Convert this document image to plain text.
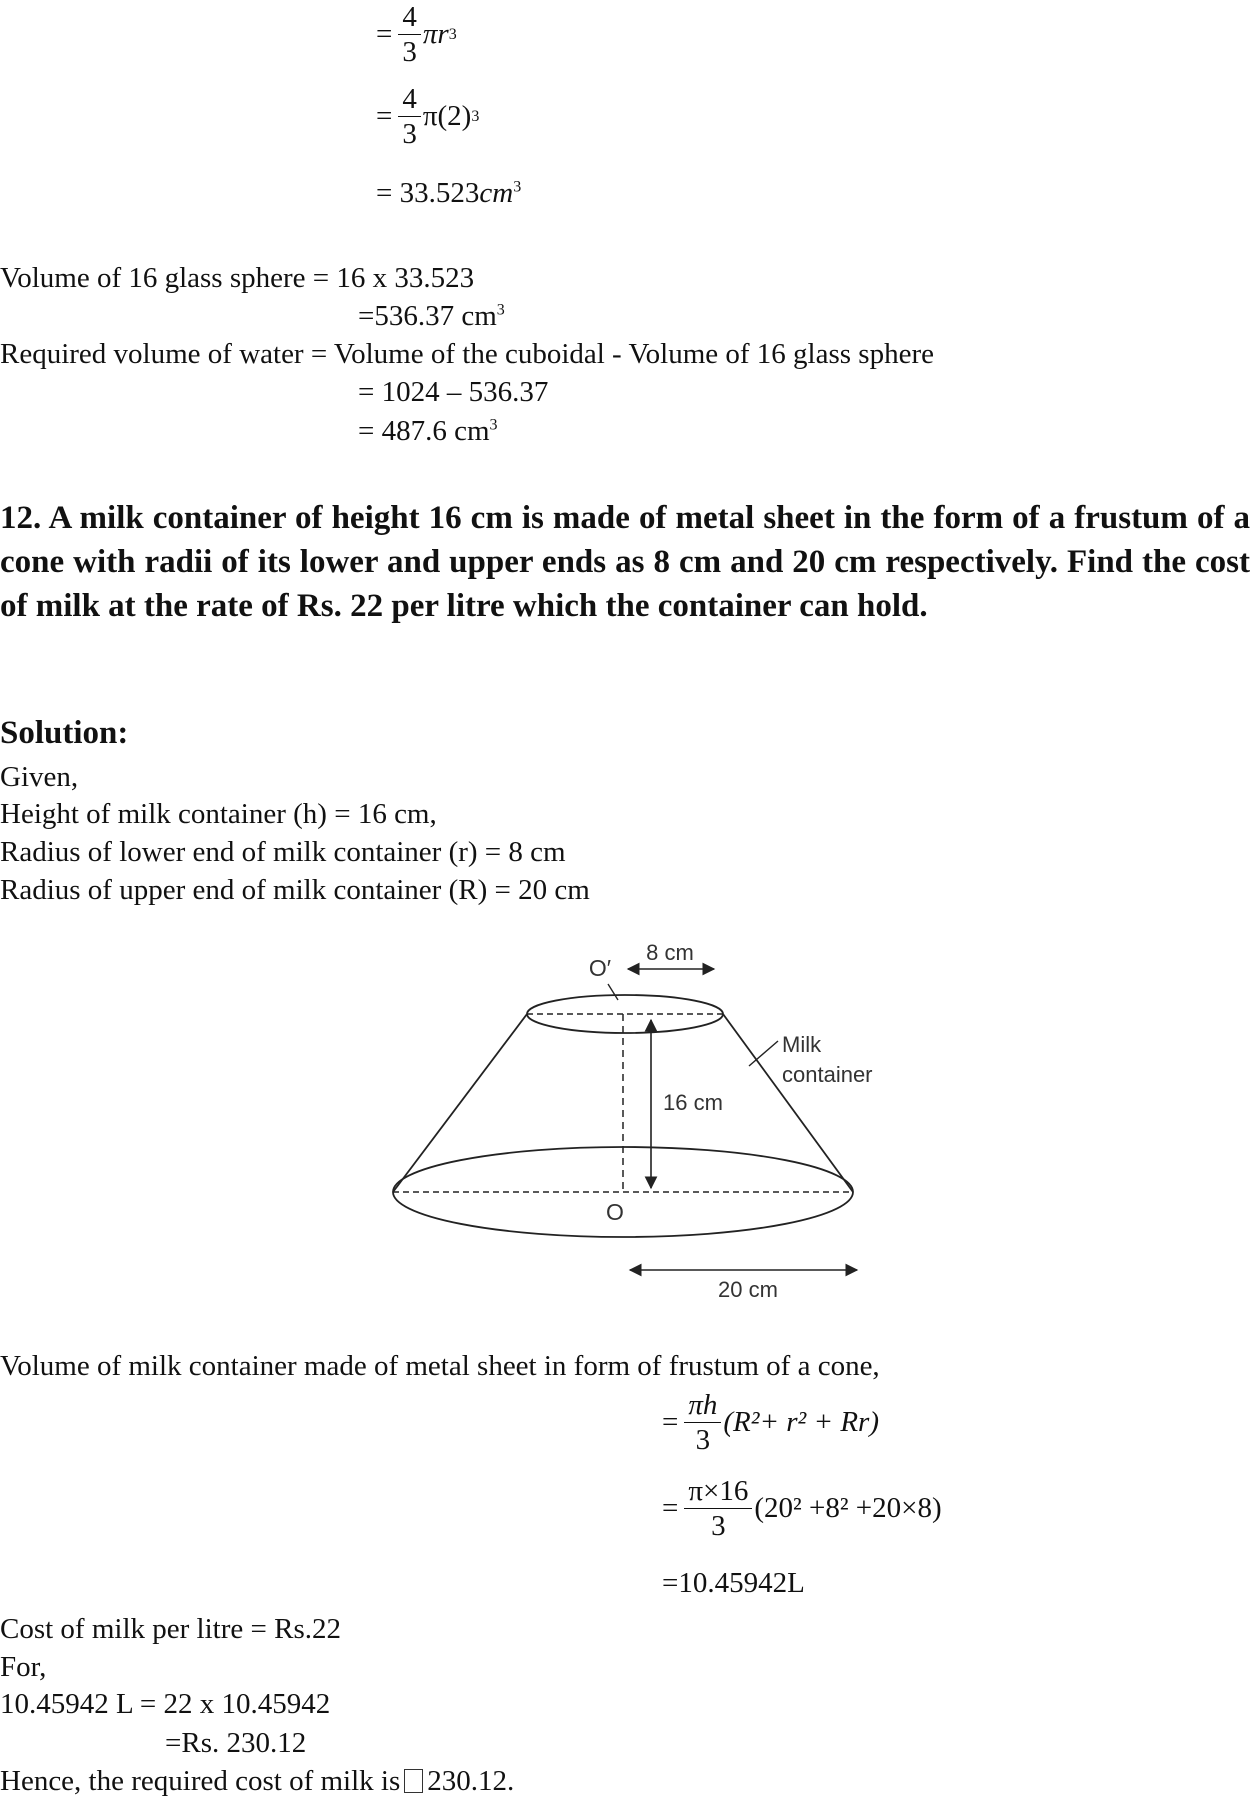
= $\frac{4}{3}$ πr 3
= $\frac{4}{3} \pi(2)$ 3
= $33.523cm^3$
Volume of 16 glass sphere = 16 x 33.523
=536.37 $cm^3$
Required volume of water = Volume of the cuboidal - Volume of 16 glass sphere
= 1024 – 536.37
= 487.6 $cm^3$
12. A milk container of height 16 cm is made of metal sheet in the form of a frustum of a cone with radii of its lower and upper ends as 8 cm and 20 cm respectively. Find the cost of milk at the rate of Rs. 22 per litre which the container can hold.
Solution:
Given,
Height of milk container (h) = 16 cm,
Radius of lower end of milk container (r) = 8 cm
Radius of upper end of milk container (R) = 20 cm
8 cm
O′
16 cm
Milk
container
O
20 cm
Volume of milk container made of metal sheet in form of frustum of a cone,
= $\frac{\pi h}{3} (R^2+ r^2 + Rr)$
= $\frac{\pi\times 16}{3} (20^2 +8^2 +20\times 8)$
=10.45942L
Cost of milk per litre = Rs.22
For,
10.45942 L = 22 x 10.45942
=Rs. 230.12
Hence, the required cost of milk is 230.12.
